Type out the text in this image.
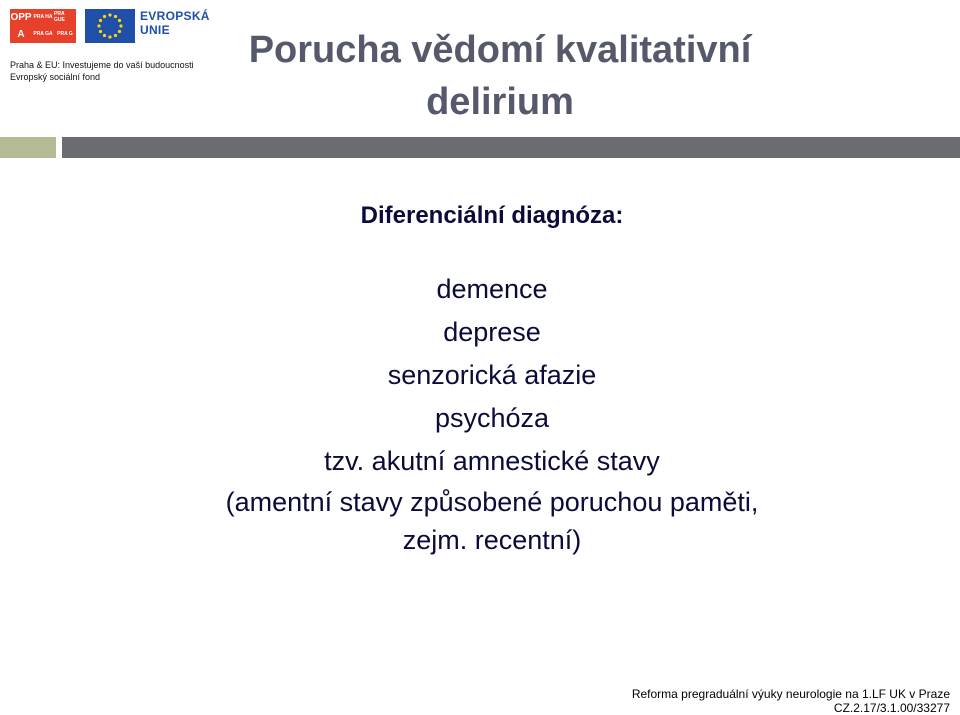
OPP PRA HA PRA GUE
A	PRA GA PRA G
EVROPSKÁ
UNIE
Praha & EU: Investujeme do vaší budoucnosti
Evropský sociální fond
Porucha vědomí kvalitativní
delirium
Diferenciální diagnóza:
demence
deprese
senzorická afazie
psychóza
tzv. akutní amnestické stavy
(amentní stavy způsobené poruchou paměti,
zejm. recentní)
Reforma pregraduální výuky neurologie na 1.LF UK v Praze
CZ.2.17/3.1.00/33277
